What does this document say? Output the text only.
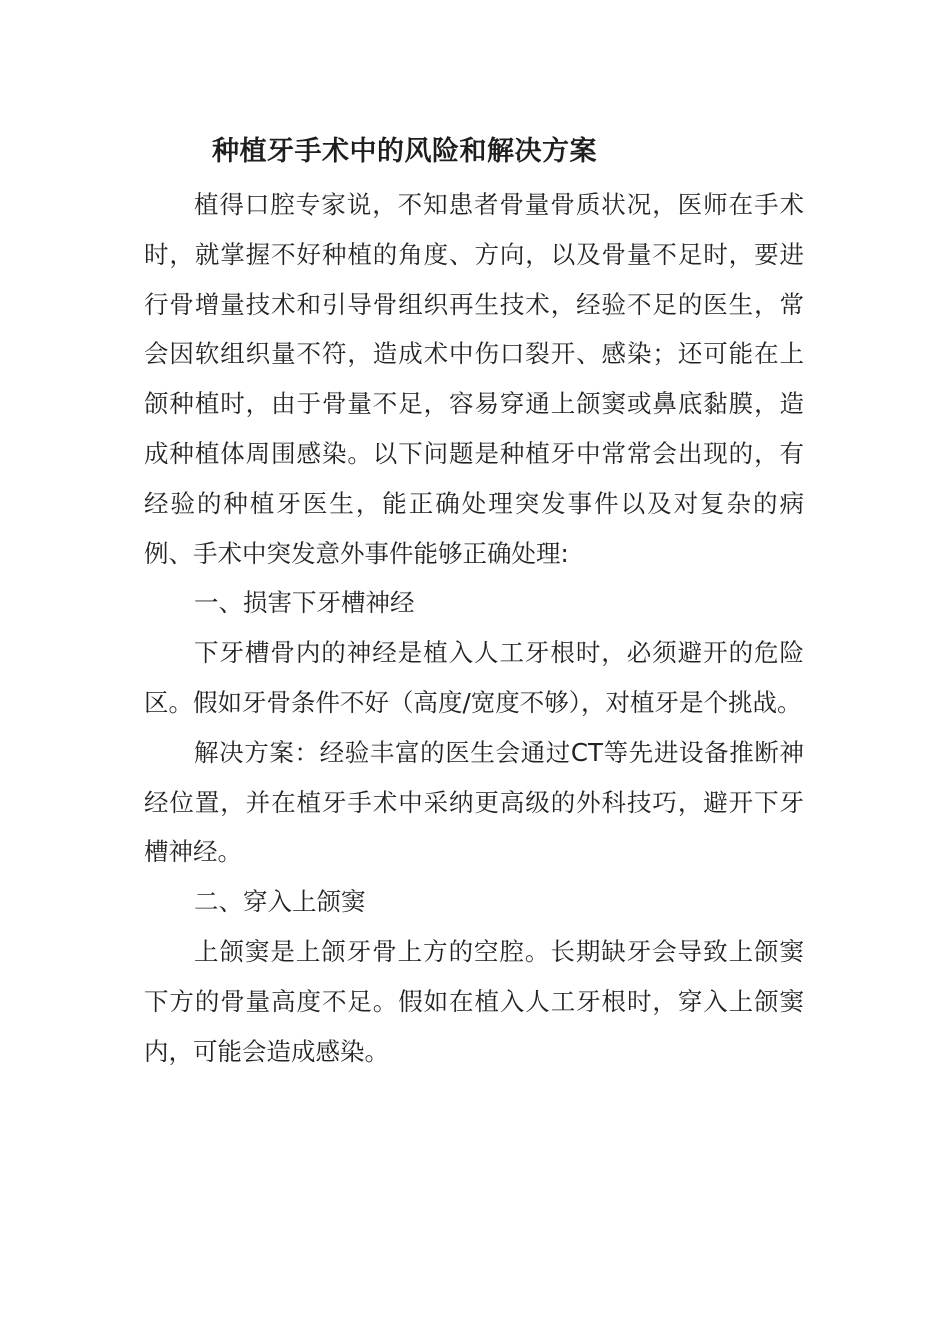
种植牙手术中的风险和解决方案

植得口腔专家说，不知患者骨量骨质状况，医师在手术时，就掌握不好种植的角度、方向，以及骨量不足时，要进行骨增量技术和引导骨组织再生技术，经验不足的医生，常会因软组织量不符，造成术中伤口裂开、感染；还可能在上颌种植时，由于骨量不足，容易穿通上颌窦或鼻底黏膜，造成种植体周围感染。以下问题是种植牙中常常会出现的，有经验的种植牙医生，能正确处理突发事件以及对复杂的病例、手术中突发意外事件能够正确处理:

一、损害下牙槽神经

下牙槽骨内的神经是植入人工牙根时，必须避开的危险区。假如牙骨条件不好（高度/宽度不够），对植牙是个挑战。

解决方案：经验丰富的医生会通过CT等先进设备推断神经位置，并在植牙手术中采纳更高级的外科技巧，避开下牙槽神经。

二、穿入上颌窦

上颌窦是上颌牙骨上方的空腔。长期缺牙会导致上颌窦下方的骨量高度不足。假如在植入人工牙根时，穿入上颌窦内，可能会造成感染。
